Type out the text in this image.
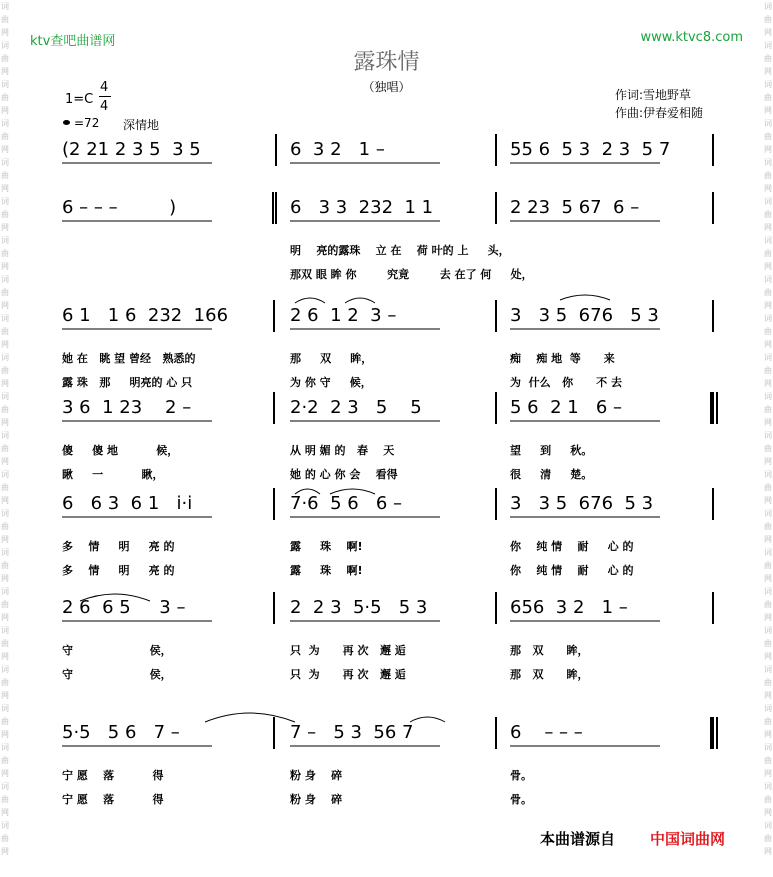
词
曲
网
词
曲
网
词
曲
网
词
曲
网
词
曲
网
词
曲
网
词
曲
网
词
曲
网
词
曲
网
词
曲
网
词
曲
网
词
曲
网
词
曲
网
词
曲
网
词
曲
网
词
曲
网
词
曲
网
词
曲
网
词
曲
网
词
曲
网
词
曲
网
词
曲
网
词
曲
网
词
曲
网
词
曲
网
词
曲
网
词
曲
网
词
曲
网
词
曲
网
词
曲
网
词
曲
网
词
曲
网
词
曲
网
词
曲
网
词
曲
网
词
曲
网
词
曲
网
词
曲
网
词
曲
网
词
曲
网
词
曲
网
词
曲
网
词
曲
网
词
曲
网
ktv查吧曲谱网	www.ktvc8.com
露珠情
（独唱）
1=C
4
4
=72 深情地
作词:雪地野草
作曲:伊春爱相随
(2 21 2 3 5  3 5	6  3 2   1 –	55 6  5 3  2 3  5 7
6 – – –         )	6   3 3  232  1 1	2 23  5 67  6 –
明    亮的露珠    立 在    荷 叶的 上     头，
那双 眼 眸 你        究竟        去 在了 何     处，
6 1   1 6  232  166	2 6  1 2  3 –	3   3 5  676   5 3
她 在   眺 望 曾经   熟悉的	那     双     眸，	痴    痴 地  等      来
露 珠   那     明亮的 心 只	为 你 守     候，	为  什么   你      不 去
3 6  1 23    2 –	2·2  2 3   5    5	5 6  2 1   6 –
傻     傻 地          候，	从 明 媚 的   春    天	望     到     秋。
瞅     一          瞅，	她 的 心 你 会    看得	很     清     楚。
6   6 3  6 1   i·i	7·6  5 6   6 –	3   3 5  676  5 3
多    情     明     亮 的	露     珠    啊!	你    纯 情    耐     心 的
多    情     明     亮 的	露     珠    啊!	你    纯 情    耐     心 的
2 6  6 5     3 –	2  2 3  5·5   5 3	656  3 2   1 –
守                    侯，	只  为      再 次   邂 逅	那   双      眸，
守                    侯，	只  为      再 次   邂 逅	那   双      眸，
5·5   5 6   7 –	7 –   5 3  56 7	6    – – –
宁 愿    落          得	粉 身    碎	骨。
宁 愿    落          得	粉 身    碎	骨。
本曲谱源自 中国词曲网
